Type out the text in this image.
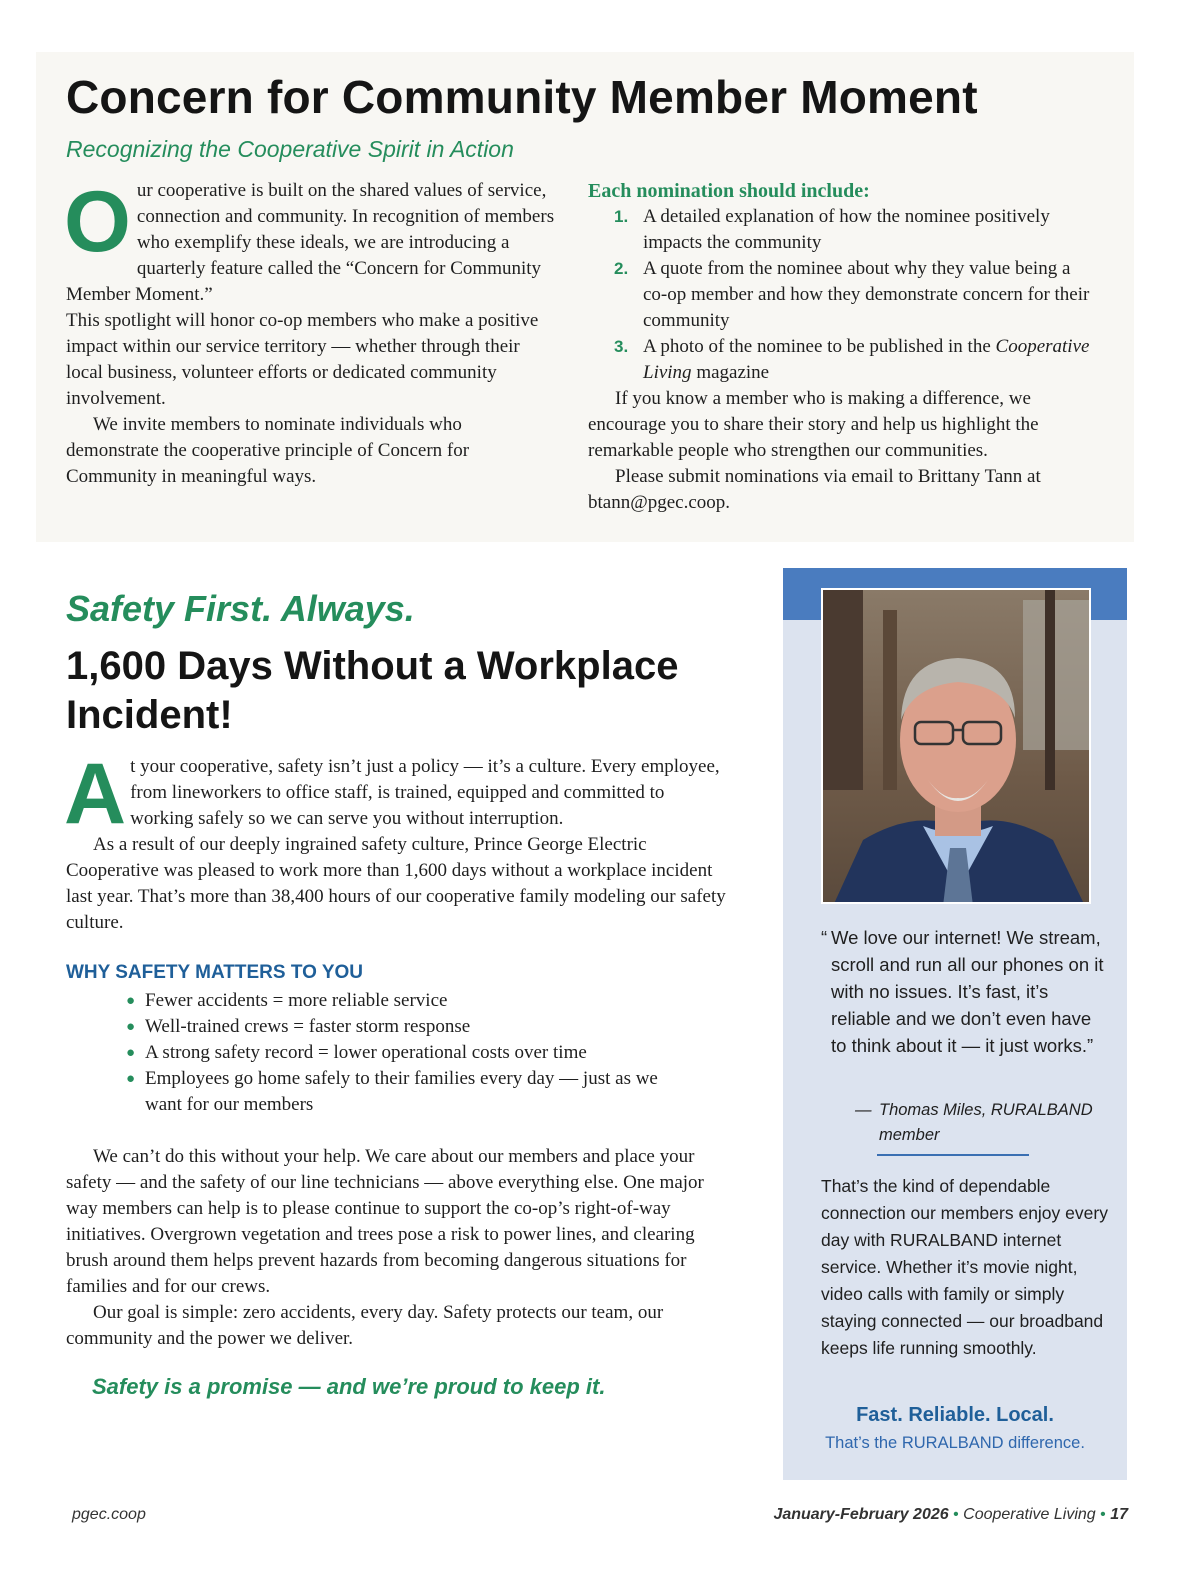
Concern for Community Member Moment
Recognizing the Cooperative Spirit in Action
O ur cooperative is built on the shared values of service, connection and community. In recognition of members who exemplify these ideals, we are introducing a quarterly feature called the “Concern for Community Member Moment.”

This spotlight will honor co-op members who make a positive impact within our service territory — whether through their local business, volunteer efforts or dedicated community involvement.

We invite members to nominate individuals who demonstrate the cooperative principle of Concern for Community in meaningful ways.

Each nomination should include:
1. A detailed explanation of how the nominee positively impacts the community
2. A quote from the nominee about why they value being a co-op member and how they demonstrate concern for their community
3. A photo of the nominee to be published in the Cooperative Living magazine

If you know a member who is making a difference, we encourage you to share their story and help us highlight the remarkable people who strengthen our communities.

Please submit nominations via email to Brittany Tann at btann@pgec.coop.

Safety First. Always.
1,600 Days Without a Workplace Incident!
A t your cooperative, safety isn’t just a policy — it’s a culture. Every employee, from lineworkers to office staff, is trained, equipped and committed to working safely so we can serve you without interruption.

As a result of our deeply ingrained safety culture, Prince George Electric Cooperative was pleased to work more than 1,600 days without a workplace incident last year. That’s more than 38,400 hours of our cooperative family modeling our safety culture.

WHY SAFETY MATTERS TO YOU
● Fewer accidents = more reliable service
● Well-trained crews = faster storm response
● A strong safety record = lower operational costs over time
● Employees go home safely to their families every day — just as we want for our members

We can’t do this without your help. We care about our members and place your safety — and the safety of our line technicians — above everything else. One major way members can help is to please continue to support the co-op’s right-of-way initiatives. Overgrown vegetation and trees pose a risk to power lines, and clearing brush around them helps prevent hazards from becoming dangerous situations for families and for our crews.

Our goal is simple: zero accidents, every day. Safety protects our team, our community and the power we deliver.

Safety is a promise — and we’re proud to keep it.
“ We love our internet! We stream, scroll and run all our phones on it with no issues. It’s fast, it’s reliable and we don’t even have to think about it — it just works.”
— Thomas Miles, RURALBAND member
That’s the kind of dependable connection our members enjoy every day with RURALBAND internet service. Whether it’s movie night, video calls with family or simply staying connected — our broadband keeps life running smoothly.
Fast. Reliable. Local.
That’s the RURALBAND difference.
pgec.coop	January-February 2026 • Cooperative Living • 17
